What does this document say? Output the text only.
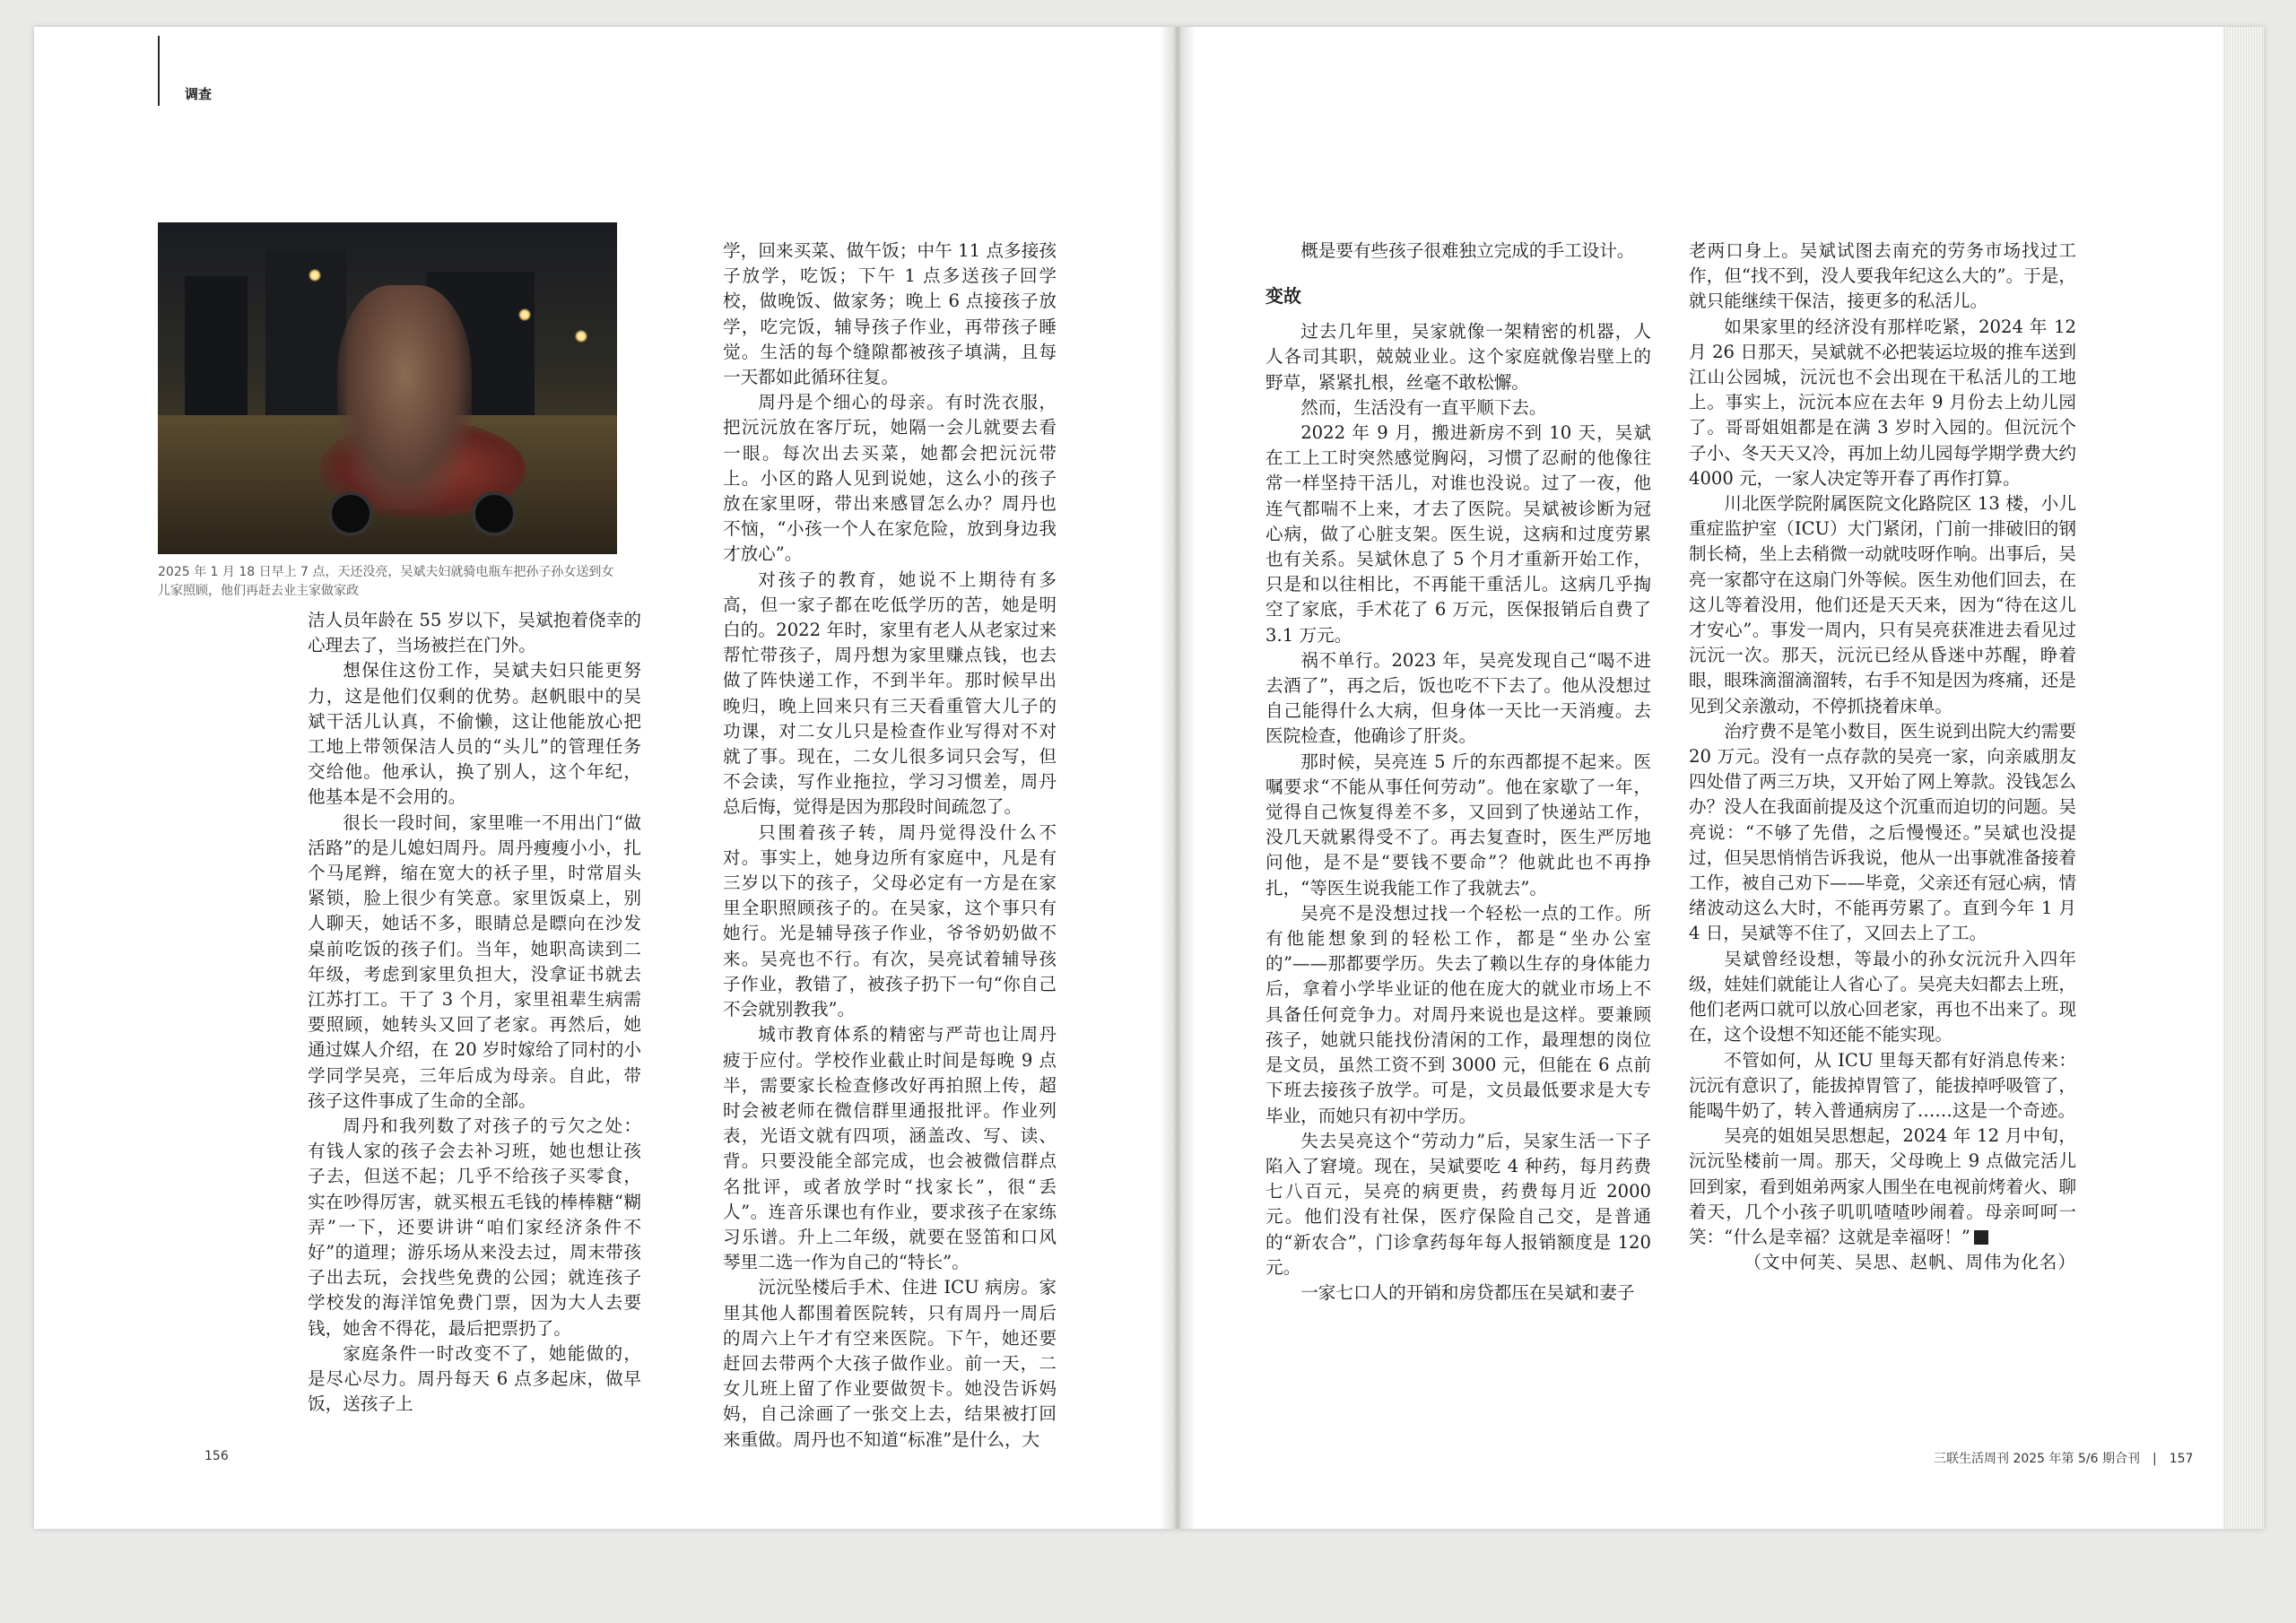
调查
2025 年 1 月 18 日早上 7 点，天还没亮，吴斌夫妇就骑电瓶车把孙子孙女送到女儿家照顾，他们再赶去业主家做家政

洁人员年龄在 55 岁以下，吴斌抱着侥幸的心理去了，当场被拦在门外。

想保住这份工作，吴斌夫妇只能更努力，这是他们仅剩的优势。赵帆眼中的吴斌干活儿认真，不偷懒，这让他能放心把工地上带领保洁人员的“头儿”的管理任务交给他。他承认，换了别人，这个年纪，他基本是不会用的。

很长一段时间，家里唯一不用出门“做活路”的是儿媳妇周丹。周丹瘦瘦小小，扎个马尾辫，缩在宽大的袄子里，时常眉头紧锁，脸上很少有笑意。家里饭桌上，别人聊天，她话不多，眼睛总是瞟向在沙发桌前吃饭的孩子们。当年，她职高读到二年级，考虑到家里负担大，没拿证书就去江苏打工。干了 3 个月，家里祖辈生病需要照顾，她转头又回了老家。再然后，她通过媒人介绍，在 20 岁时嫁给了同村的小学同学吴亮，三年后成为母亲。自此，带孩子这件事成了生命的全部。

周丹和我列数了对孩子的亏欠之处：有钱人家的孩子会去补习班，她也想让孩子去，但送不起；几乎不给孩子买零食，实在吵得厉害，就买根五毛钱的棒棒糖“糊弄”一下，还要讲讲“咱们家经济条件不好”的道理；游乐场从来没去过，周末带孩子出去玩，会找些免费的公园；就连孩子学校发的海洋馆免费门票，因为大人去要钱，她舍不得花，最后把票扔了。

家庭条件一时改变不了，她能做的，是尽心尽力。周丹每天 6 点多起床，做早饭，送孩子上

学，回来买菜、做午饭；中午 11 点多接孩子放学，吃饭；下午 1 点多送孩子回学校，做晚饭、做家务；晚上 6 点接孩子放学，吃完饭，辅导孩子作业，再带孩子睡觉。生活的每个缝隙都被孩子填满，且每一天都如此循环往复。

周丹是个细心的母亲。有时洗衣服，把沅沅放在客厅玩，她隔一会儿就要去看一眼。每次出去买菜，她都会把沅沅带上。小区的路人见到说她，这么小的孩子放在家里呀，带出来感冒怎么办？周丹也不恼，“小孩一个人在家危险，放到身边我才放心”。

对孩子的教育，她说不上期待有多高，但一家子都在吃低学历的苦，她是明白的。2022 年时，家里有老人从老家过来帮忙带孩子，周丹想为家里赚点钱，也去做了阵快递工作，不到半年。那时候早出晚归，晚上回来只有三天看重管大儿子的功课，对二女儿只是检查作业写得对不对就了事。现在，二女儿很多词只会写，但不会读，写作业拖拉，学习习惯差，周丹总后悔，觉得是因为那段时间疏忽了。

只围着孩子转，周丹觉得没什么不对。事实上，她身边所有家庭中，凡是有三岁以下的孩子，父母必定有一方是在家里全职照顾孩子的。在吴家，这个事只有她行。光是辅导孩子作业，爷爷奶奶做不来。吴亮也不行。有次，吴亮试着辅导孩子作业，教错了，被孩子扔下一句“你自己不会就别教我”。

城市教育体系的精密与严苛也让周丹疲于应付。学校作业截止时间是每晚 9 点半，需要家长检查修改好再拍照上传，超时会被老师在微信群里通报批评。作业列表，光语文就有四项，涵盖改、写、读、背。只要没能全部完成，也会被微信群点名批评，或者放学时“找家长”，很“丢人”。连音乐课也有作业，要求孩子在家练习乐谱。升上二年级，就要在竖笛和口风琴里二选一作为自己的“特长”。

沅沅坠楼后手术、住进 ICU 病房。家里其他人都围着医院转，只有周丹一周后的周六上午才有空来医院。下午，她还要赶回去带两个大孩子做作业。前一天，二女儿班上留了作业要做贺卡。她没告诉妈妈，自己涂画了一张交上去，结果被打回来重做。周丹也不知道“标准”是什么，大

概是要有些孩子很难独立完成的手工设计。

变故

过去几年里，吴家就像一架精密的机器，人人各司其职，兢兢业业。这个家庭就像岩壁上的野草，紧紧扎根，丝毫不敢松懈。

然而，生活没有一直平顺下去。

2022 年 9 月，搬进新房不到 10 天，吴斌在工上工时突然感觉胸闷，习惯了忍耐的他像往常一样坚持干活儿，对谁也没说。过了一夜，他连气都喘不上来，才去了医院。吴斌被诊断为冠心病，做了心脏支架。医生说，这病和过度劳累也有关系。吴斌休息了 5 个月才重新开始工作，只是和以往相比，不再能干重活儿。这病几乎掏空了家底，手术花了 6 万元，医保报销后自费了 3.1 万元。

祸不单行。2023 年，吴亮发现自己“喝不进去酒了”，再之后，饭也吃不下去了。他从没想过自己能得什么大病，但身体一天比一天消瘦。去医院检查，他确诊了肝炎。

那时候，吴亮连 5 斤的东西都提不起来。医嘱要求“不能从事任何劳动”。他在家歇了一年，觉得自己恢复得差不多，又回到了快递站工作，没几天就累得受不了。再去复查时，医生严厉地问他，是不是“要钱不要命”？他就此也不再挣扎，“等医生说我能工作了我就去”。

吴亮不是没想过找一个轻松一点的工作。所有他能想象到的轻松工作，都是“坐办公室的”——那都要学历。失去了赖以生存的身体能力后，拿着小学毕业证的他在庞大的就业市场上不具备任何竞争力。对周丹来说也是这样。要兼顾孩子，她就只能找份清闲的工作，最理想的岗位是文员，虽然工资不到 3000 元，但能在 6 点前下班去接孩子放学。可是，文员最低要求是大专毕业，而她只有初中学历。

失去吴亮这个“劳动力”后，吴家生活一下子陷入了窘境。现在，吴斌要吃 4 种药，每月药费七八百元，吴亮的病更贵，药费每月近 2000 元。他们没有社保，医疗保险自己交，是普通的“新农合”，门诊拿药每年每人报销额度是 120 元。

一家七口人的开销和房贷都压在吴斌和妻子

老两口身上。吴斌试图去南充的劳务市场找过工作，但“找不到，没人要我年纪这么大的”。于是，就只能继续干保洁，接更多的私活儿。

如果家里的经济没有那样吃紧，2024 年 12 月 26 日那天，吴斌就不必把装运垃圾的推车送到江山公园城，沅沅也不会出现在干私活儿的工地上。事实上，沅沅本应在去年 9 月份去上幼儿园了。哥哥姐姐都是在满 3 岁时入园的。但沅沅个子小、冬天天又冷，再加上幼儿园每学期学费大约 4000 元，一家人决定等开春了再作打算。

川北医学院附属医院文化路院区 13 楼，小儿重症监护室（ICU）大门紧闭，门前一排破旧的钢制长椅，坐上去稍微一动就吱呀作响。出事后，吴亮一家都守在这扇门外等候。医生劝他们回去，在这儿等着没用，他们还是天天来，因为“待在这儿才安心”。事发一周内，只有吴亮获准进去看见过沅沅一次。那天，沅沅已经从昏迷中苏醒，睁着眼，眼珠滴溜滴溜转，右手不知是因为疼痛，还是见到父亲激动，不停抓挠着床单。

治疗费不是笔小数目，医生说到出院大约需要 20 万元。没有一点存款的吴亮一家，向亲戚朋友四处借了两三万块，又开始了网上筹款。没钱怎么办？没人在我面前提及这个沉重而迫切的问题。吴亮说：“不够了先借，之后慢慢还。”吴斌也没提过，但吴思悄悄告诉我说，他从一出事就准备接着工作，被自己劝下——毕竟，父亲还有冠心病，情绪波动这么大时，不能再劳累了。直到今年 1 月 4 日，吴斌等不住了，又回去上了工。

吴斌曾经设想，等最小的孙女沅沅升入四年级，娃娃们就能让人省心了。吴亮夫妇都去上班，他们老两口就可以放心回老家，再也不出来了。现在，这个设想不知还能不能实现。

不管如何，从 ICU 里每天都有好消息传来：沅沅有意识了，能拔掉胃管了，能拔掉呼吸管了，能喝牛奶了，转入普通病房了……这是一个奇迹。

吴亮的姐姐吴思想起，2024 年 12 月中旬，沅沅坠楼前一周。那天，父母晚上 9 点做完活儿回到家，看到姐弟两家人围坐在电视前烤着火、聊着天，几个小孩子叽叽喳喳吵闹着。母亲呵呵一笑：“什么是幸福？这就是幸福呀！”

（文中何芙、吴思、赵帆、周伟为化名）

156	三联生活周刊 2025 年第 5/6 期合刊 | 157
